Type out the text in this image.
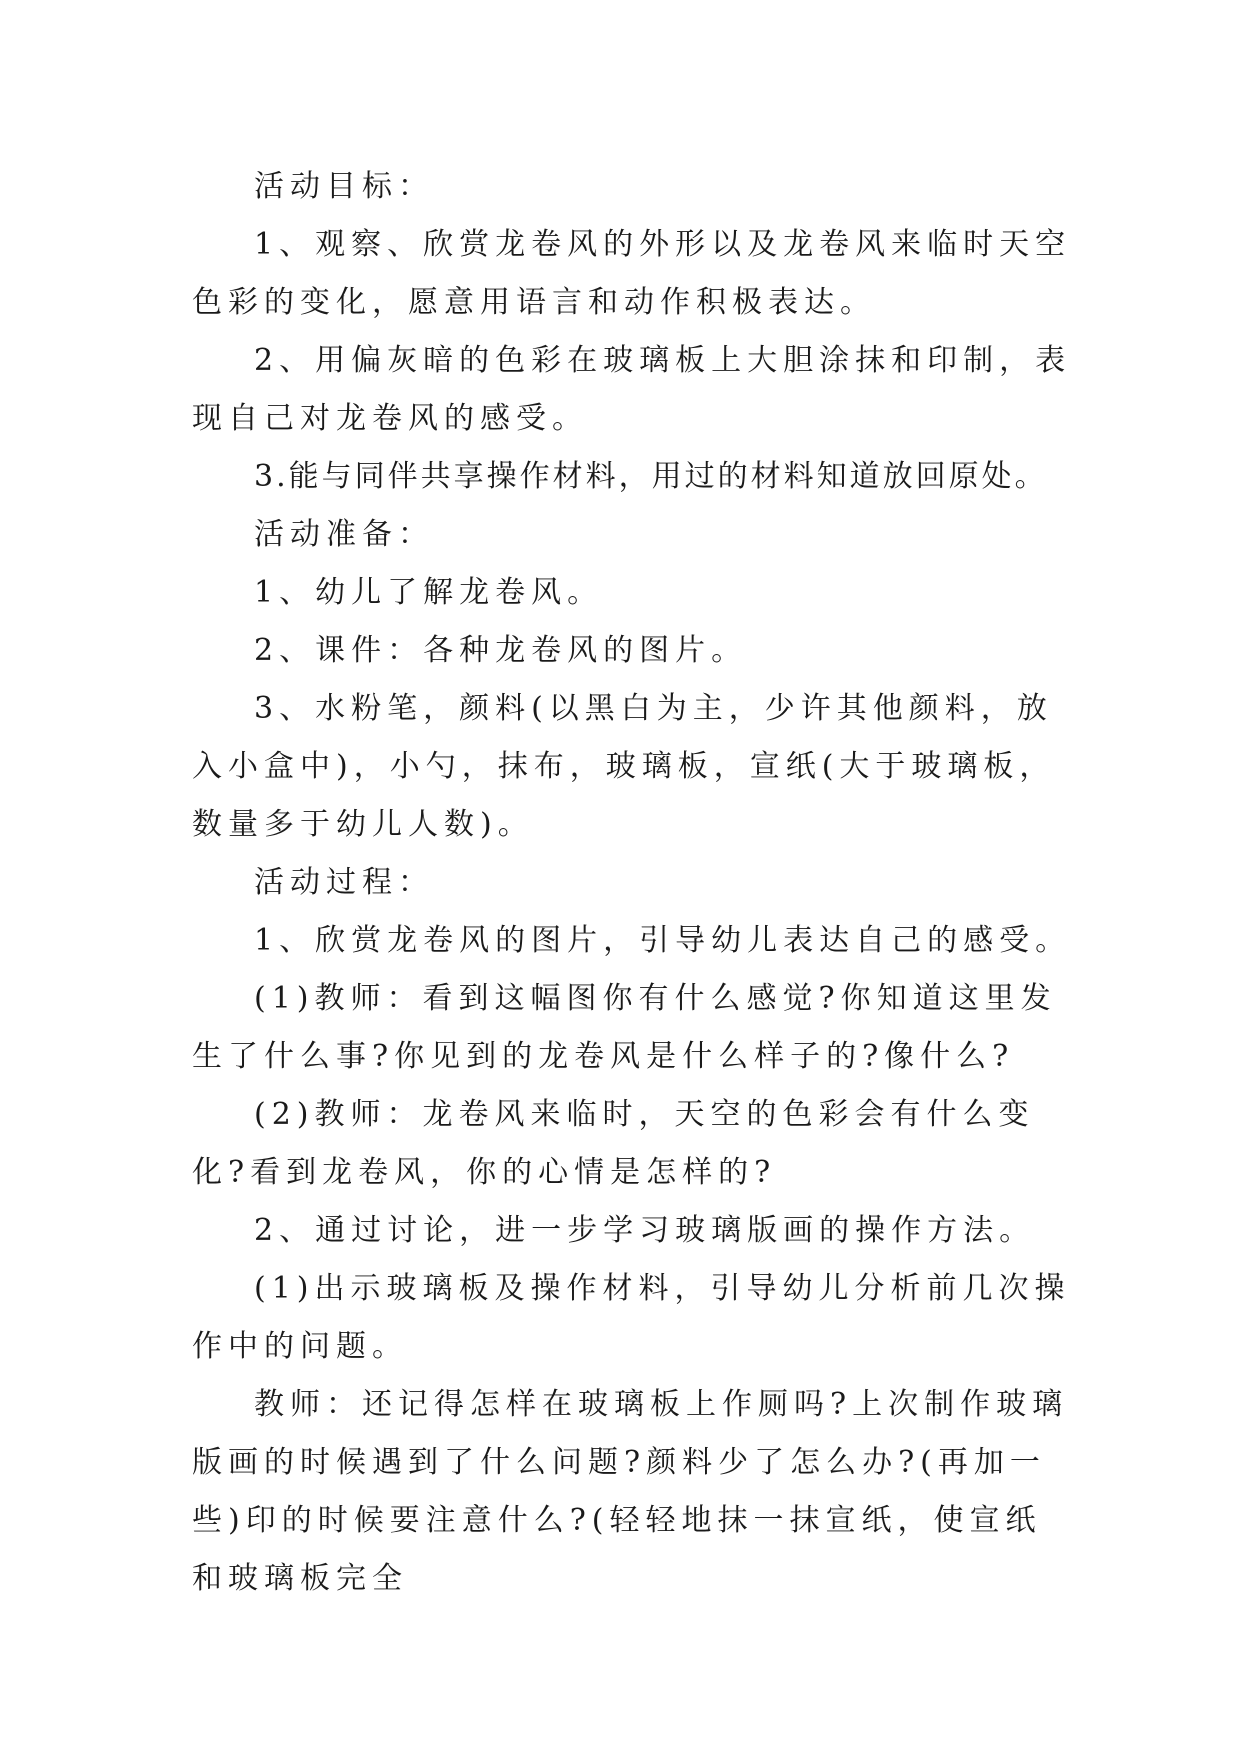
活动目标：

1、观察、欣赏龙卷风的外形以及龙卷风来临时天空色彩的变化，愿意用语言和动作积极表达。

2、用偏灰暗的色彩在玻璃板上大胆涂抹和印制，表现自己对龙卷风的感受。

3.能与同伴共享操作材料，用过的材料知道放回原处。

活动准备：

1、幼儿了解龙卷风。

2、课件：各种龙卷风的图片。

3、水粉笔，颜料(以黑白为主，少许其他颜料，放入小盒中)，小勺，抹布，玻璃板，宣纸(大于玻璃板，数量多于幼儿人数)。

活动过程：

1、欣赏龙卷风的图片，引导幼儿表达自己的感受。

(1)教师：看到这幅图你有什么感觉?你知道这里发生了什么事?你见到的龙卷风是什么样子的?像什么?

(2)教师：龙卷风来临时，天空的色彩会有什么变化?看到龙卷风，你的心情是怎样的?

2、通过讨论，进一步学习玻璃版画的操作方法。

(1)出示玻璃板及操作材料，引导幼儿分析前几次操作中的问题。

教师：还记得怎样在玻璃板上作厕吗?上次制作玻璃版画的时候遇到了什么问题?颜料少了怎么办?(再加一些)印的时候要注意什么?(轻轻地抹一抹宣纸，使宣纸和玻璃板完全
